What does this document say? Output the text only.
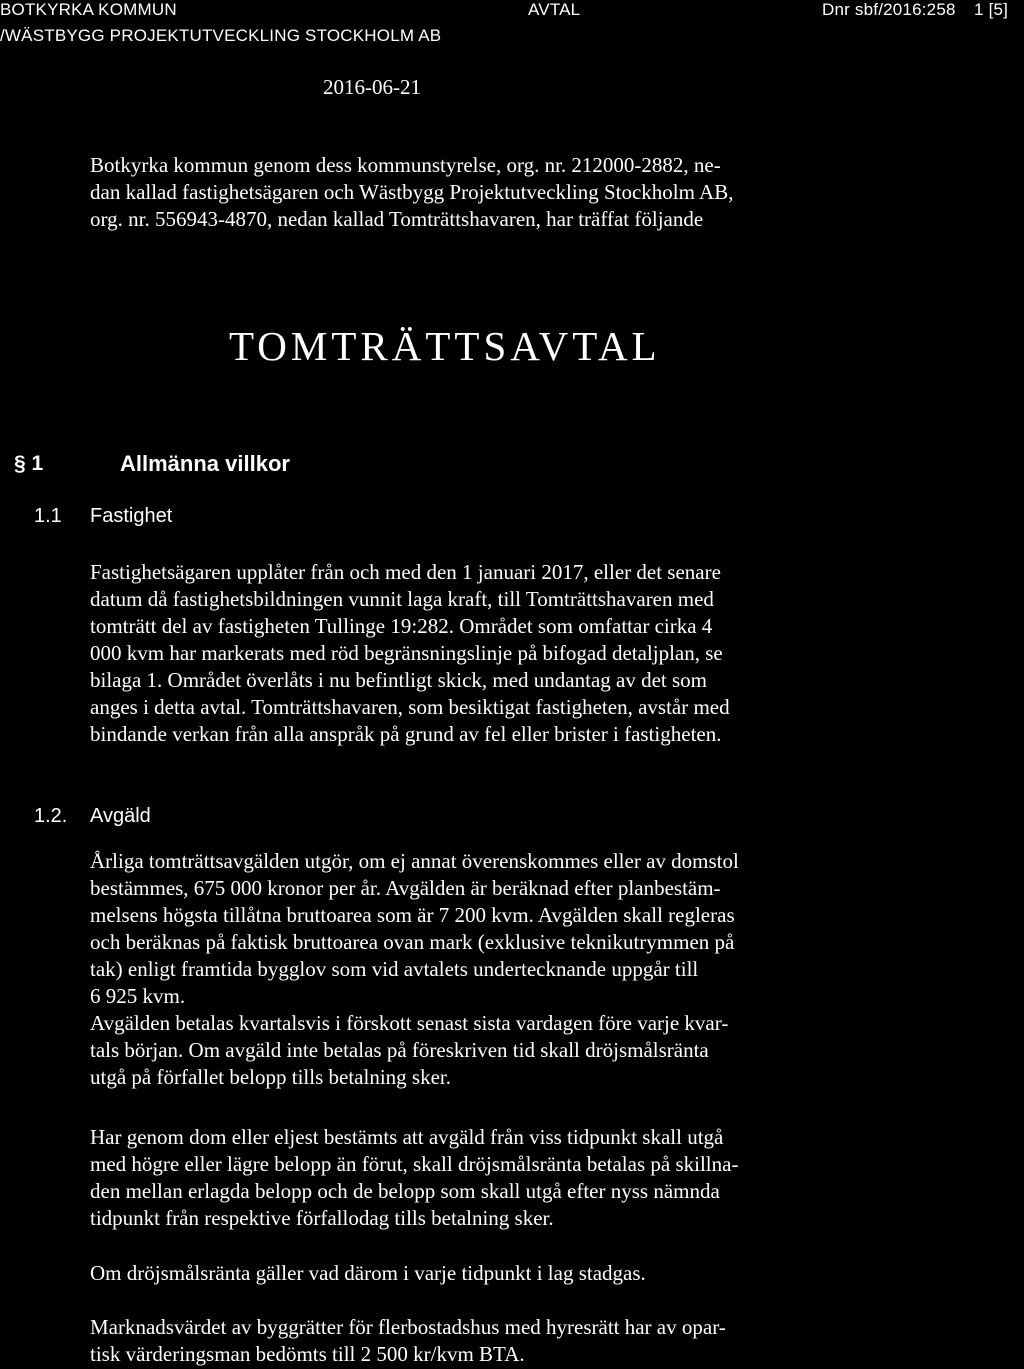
BOTKYRKA KOMMUN
/WÄSTBYGG PROJEKTUTVECKLING STOCKHOLM AB
AVTAL	Dnr sbf/2016:258 1 [5]
2016-06-21
Botkyrka kommun genom dess kommunstyrelse, org. nr. 212000-2882, ne-
dan kallad fastighetsägaren och Wästbygg Projektutveckling Stockholm AB,
org. nr. 556943-4870, nedan kallad Tomträttshavaren, har träffat följande
TOMTRÄTTSAVTAL
§ 1	Allmänna villkor
1.1 Fastighet
Fastighetsägaren upplåter från och med den 1 januari 2017, eller det senare
datum då fastighetsbildningen vunnit laga kraft, till Tomträttshavaren med
tomträtt del av fastigheten Tullinge 19:282. Området som omfattar cirka 4
000 kvm har markerats med röd begränsningslinje på bifogad detaljplan, se
bilaga 1. Området överlåts i nu befintligt skick, med undantag av det som
anges i detta avtal. Tomträttshavaren, som besiktigat fastigheten, avstår med
bindande verkan från alla anspråk på grund av fel eller brister i fastigheten.
1.2. Avgäld
Årliga tomträttsavgälden utgör, om ej annat överenskommes eller av domstol
bestämmes, 675 000 kronor per år. Avgälden är beräknad efter planbestäm-
melsens högsta tillåtna bruttoarea som är 7 200 kvm. Avgälden skall regleras
och beräknas på faktisk bruttoarea ovan mark (exklusive teknikutrymmen på
tak) enligt framtida bygglov som vid avtalets undertecknande uppgår till
6 925 kvm.
Avgälden betalas kvartalsvis i förskott senast sista vardagen före varje kvar-
tals början. Om avgäld inte betalas på föreskriven tid skall dröjsmålsränta
utgå på förfallet belopp tills betalning sker.
Har genom dom eller eljest bestämts att avgäld från viss tidpunkt skall utgå
med högre eller lägre belopp än förut, skall dröjsmålsränta betalas på skillna-
den mellan erlagda belopp och de belopp som skall utgå efter nyss nämnda
tidpunkt från respektive förfallodag tills betalning sker.
Om dröjsmålsränta gäller vad därom i varje tidpunkt i lag stadgas.
Marknadsvärdet av byggrätter för flerbostadshus med hyresrätt har av opar-
tisk värderingsman bedömts till 2 500 kr/kvm BTA.
